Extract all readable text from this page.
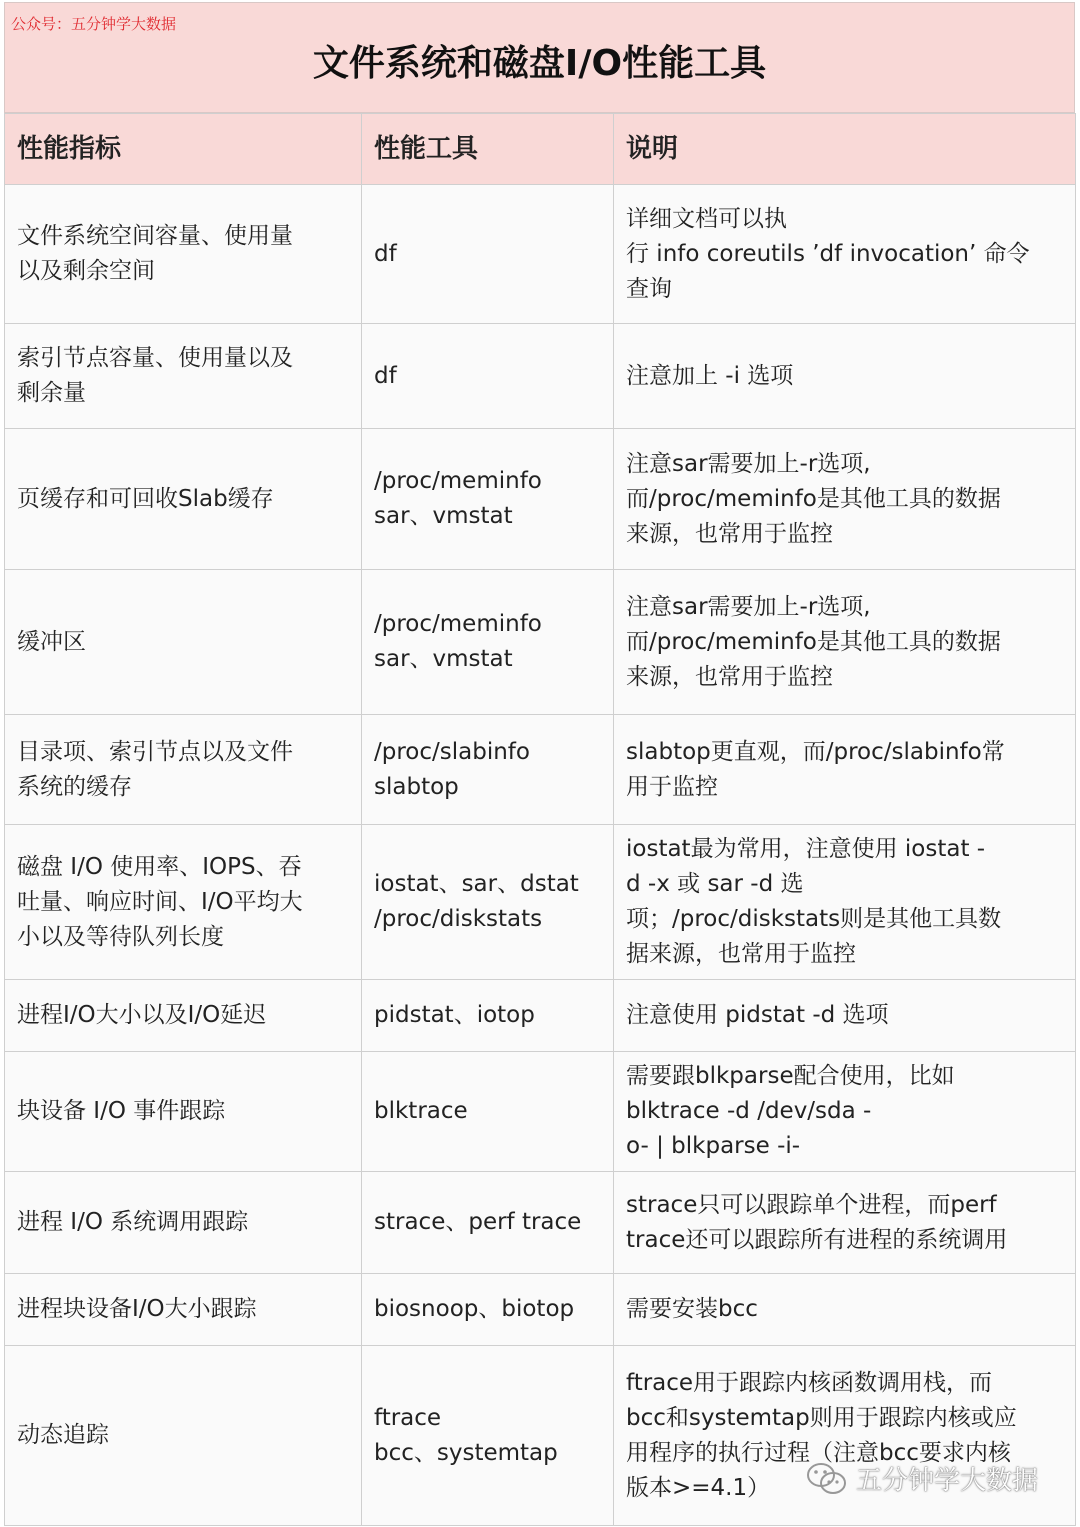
公众号：五分钟学大数据
文件系统和磁盘I/O性能工具
性能指标	性能工具	说明

文件系统空间容量、使用量
以及剩余空间	df	详细文档可以执
行 info coreutils ’df invocation’ 命令
查询

索引节点容量、使用量以及
剩余量	df	注意加上 -i 选项

页缓存和可回收Slab缓存	/proc/meminfo
sar、vmstat	注意sar需要加上-r选项,
而/proc/meminfo是其他工具的数据
来源，也常用于监控

缓冲区	/proc/meminfo
sar、vmstat	注意sar需要加上-r选项,
而/proc/meminfo是其他工具的数据
来源，也常用于监控

目录项、索引节点以及文件
系统的缓存	/proc/slabinfo
slabtop	slabtop更直观，而/proc/slabinfo常
用于监控

磁盘 I/O 使用率、IOPS、吞
吐量、响应时间、I/O平均大
小以及等待队列长度	iostat、sar、dstat
/proc/diskstats	iostat最为常用，注意使用 iostat -
d -x 或 sar -d 选
项；/proc/diskstats则是其他工具数
据来源，也常用于监控

进程I/O大小以及I/O延迟	pidstat、iotop	注意使用 pidstat -d 选项

块设备 I/O 事件跟踪	blktrace	需要跟blkparse配合使用，比如
blktrace -d /dev/sda -
o- | blkparse -i-

进程 I/O 系统调用跟踪	strace、perf trace	strace只可以跟踪单个进程，而perf
trace还可以跟踪所有进程的系统调用

进程块设备I/O大小跟踪	biosnoop、biotop	需要安装bcc

动态追踪	ftrace
bcc、systemtap	ftrace用于跟踪内核函数调用栈，而
bcc和systemtap则用于跟踪内核或应
用程序的执行过程（注意bcc要求内核
版本>=4.1）	五分钟学大数据
